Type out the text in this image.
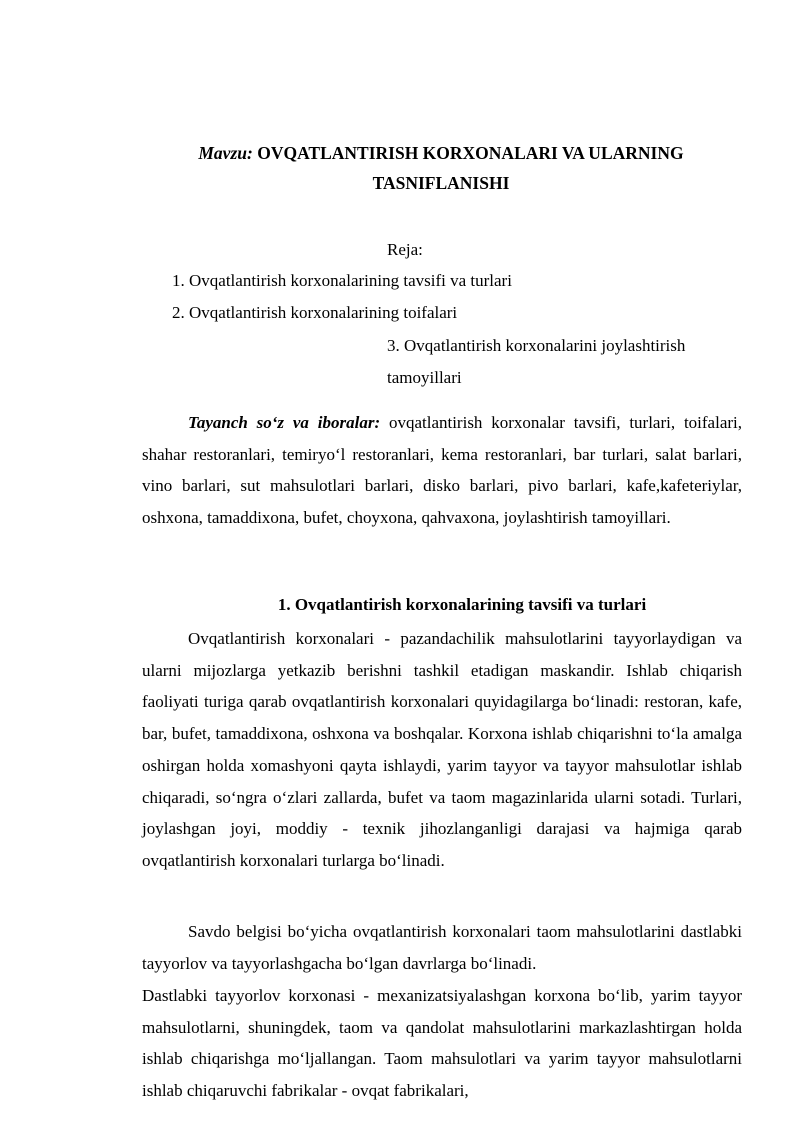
Mavzu: OVQATLANTIRISH KORXONALARI VA ULARNING TASNIFLANISHI
Reja:
1. Ovqatlantirish korxonalarining tavsifi va turlari
2. Ovqatlantirish korxonalarining toifalari
3. Ovqatlantirish korxonalarini joylashtirish
tamoyillari

Tayanch so‘z va iboralar: ovqatlantirish korxonalar tavsifi, turlari, toifalari, shahar restoranlari, temiryo‘l restoranlari, kema restoranlari, bar turlari, salat barlari, vino barlari, sut mahsulotlari barlari, disko barlari, pivo barlari, kafe,kafeteriylar, oshxona, tamaddixona, bufet, choyxona, qahvaxona, joylashtirish tamoyillari.

1. Ovqatlantirish korxonalarining tavsifi va turlari

Ovqatlantirish korxonalari - pazandachilik mahsulotlarini tayyorlaydigan va ularni mijozlarga yetkazib berishni tashkil etadigan maskandir. Ishlab chiqarish faoliyati turiga qarab ovqatlantirish korxonalari quyidagilarga bo‘linadi: restoran, kafe, bar, bufet, tamaddixona, oshxona va boshqalar. Korxona ishlab chiqarishni to‘la amalga oshirgan holda xomashyoni qayta ishlaydi, yarim tayyor va tayyor mahsulotlar ishlab chiqaradi, so‘ngra o‘zlari zallarda, bufet va taom magazinlarida ularni sotadi. Turlari, joylashgan joyi, moddiy - texnik jihozlanganligi darajasi va hajmiga qarab ovqatlantirish korxonalari turlarga bo‘linadi.

Savdo belgisi bo‘yicha ovqatlantirish korxonalari taom mahsulotlarini dastlabki tayyorlov va tayyorlashgacha bo‘lgan davrlarga bo‘linadi.

Dastlabki tayyorlov korxonasi - mexanizatsiyalashgan korxona bo‘lib, yarim tayyor mahsulotlarni, shuningdek, taom va qandolat mahsulotlarini markazlashtirgan holda ishlab chiqarishga mo‘ljallangan. Taom mahsulotlari va yarim tayyor mahsulotlarni ishlab chiqaruvchi fabrikalar - ovqat fabrikalari,
